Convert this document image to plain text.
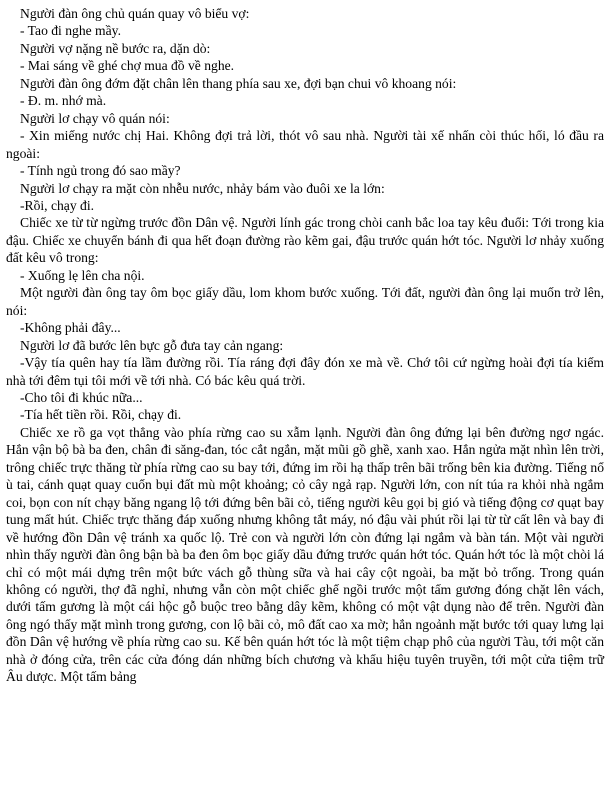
Người đàn ông chủ quán quay vô biểu vợ:

- Tao đi nghe mầy.

Người vợ nặng nề bước ra, dặn dò:

- Mai sáng về ghé chợ mua đồ về nghe.

Người đàn ông đớm đặt chân lên thang phía sau xe, đợi bạn chui vô khoang nói:

- Đ. m. nhớ mà.

Người lơ chạy vô quán nói:

- Xin miếng nước chị Hai. Không đợi trả lời, thót vô sau nhà. Người tài xế nhấn còi thúc hối, ló đầu ra ngoài:

- Tính ngủ trong đó sao mầy?

Người lơ chạy ra mặt còn nhễu nước, nhảy bám vào đuôi xe la lớn:

-Rồi, chạy đi.

Chiếc xe từ từ ngừng trước đồn Dân vệ. Người lính gác trong chòi canh bắc loa tay kêu đuổi: Tới trong kia đậu. Chiếc xe chuyển bánh đi qua hết đoạn đường rào kẽm gai, đậu trước quán hớt tóc. Người lơ nhảy xuống đất kêu vô trong:

- Xuống lẹ lên cha nội.

Một người đàn ông tay ôm bọc giấy dầu, lom khom bước xuống. Tới đất, người đàn ông lại muốn trở lên, nói:

-Không phải đây...

Người lơ đã bước lên bực gỗ đưa tay cản ngang:

-Vậy tía quên hay tía lầm đường rồi. Tía ráng đợi đây đón xe mà về. Chớ tôi cứ ngừng hoài đợi tía kiếm nhà tới đêm tụi tôi mới về tới nhà. Có bác kêu quá trời.

-Cho tôi đi khúc nữa...

-Tía hết tiền rồi. Rồi, chạy đi.

Chiếc xe rồ ga vọt thẳng vào phía rừng cao su xẫm lạnh. Người đàn ông đứng lại bên đường ngơ ngác. Hắn vận bộ bà ba đen, chân đi săng-đan, tóc cắt ngắn, mặt mũi gồ ghề, xanh xao. Hắn ngửa mặt nhìn lên trời, trông chiếc trực thăng từ phía rừng cao su bay tới, đứng im rồi hạ thấp trên bãi trống bên kia đường. Tiếng nổ ù tai, cánh quạt quay cuốn bụi đất mù một khoảng; cỏ cây ngả rạp. Người lớn, con nít túa ra khỏi nhà ngắm coi, bọn con nít chạy băng ngang lộ tới đứng bên bãi cỏ, tiếng người kêu gọi bị gió và tiếng động cơ quạt bay tung mất hút. Chiếc trực thăng đáp xuống nhưng không tắt máy, nó đậu vài phút rồi lại từ từ cất lên và bay đi về hướng đồn Dân vệ tránh xa quốc lộ. Trẻ con và người lớn còn đứng lại ngắm và bàn tán. Một vài người nhìn thấy người đàn ông bận bà ba đen ôm bọc giấy dầu đứng trước quán hớt tóc. Quán hớt tóc là một chòi lá chỉ có một mái dựng trên một bức vách gỗ thùng sữa và hai cây cột ngoài, ba mặt bỏ trống. Trong quán không có người, thợ đã nghỉ, nhưng vẫn còn một chiếc ghế ngồi trước một tấm gương đóng chặt lên vách, dưới tấm gương là một cái hộc gỗ buộc treo bằng dây kẽm, không có một vật dụng nào để trên. Người đàn ông ngó thấy mặt mình trong gương, con lộ bãi cỏ, mô đất cao xa mờ; hắn ngoảnh mặt bước tới quay lưng lại đồn Dân vệ hướng về phía rừng cao su. Kế bên quán hớt tóc là một tiệm chạp phô của người Tàu, tới một căn nhà ở đóng cửa, trên các cửa đóng dán những bích chương và khẩu hiệu tuyên truyền, tới một cửa tiệm trữ Âu dược. Một tấm bảng
